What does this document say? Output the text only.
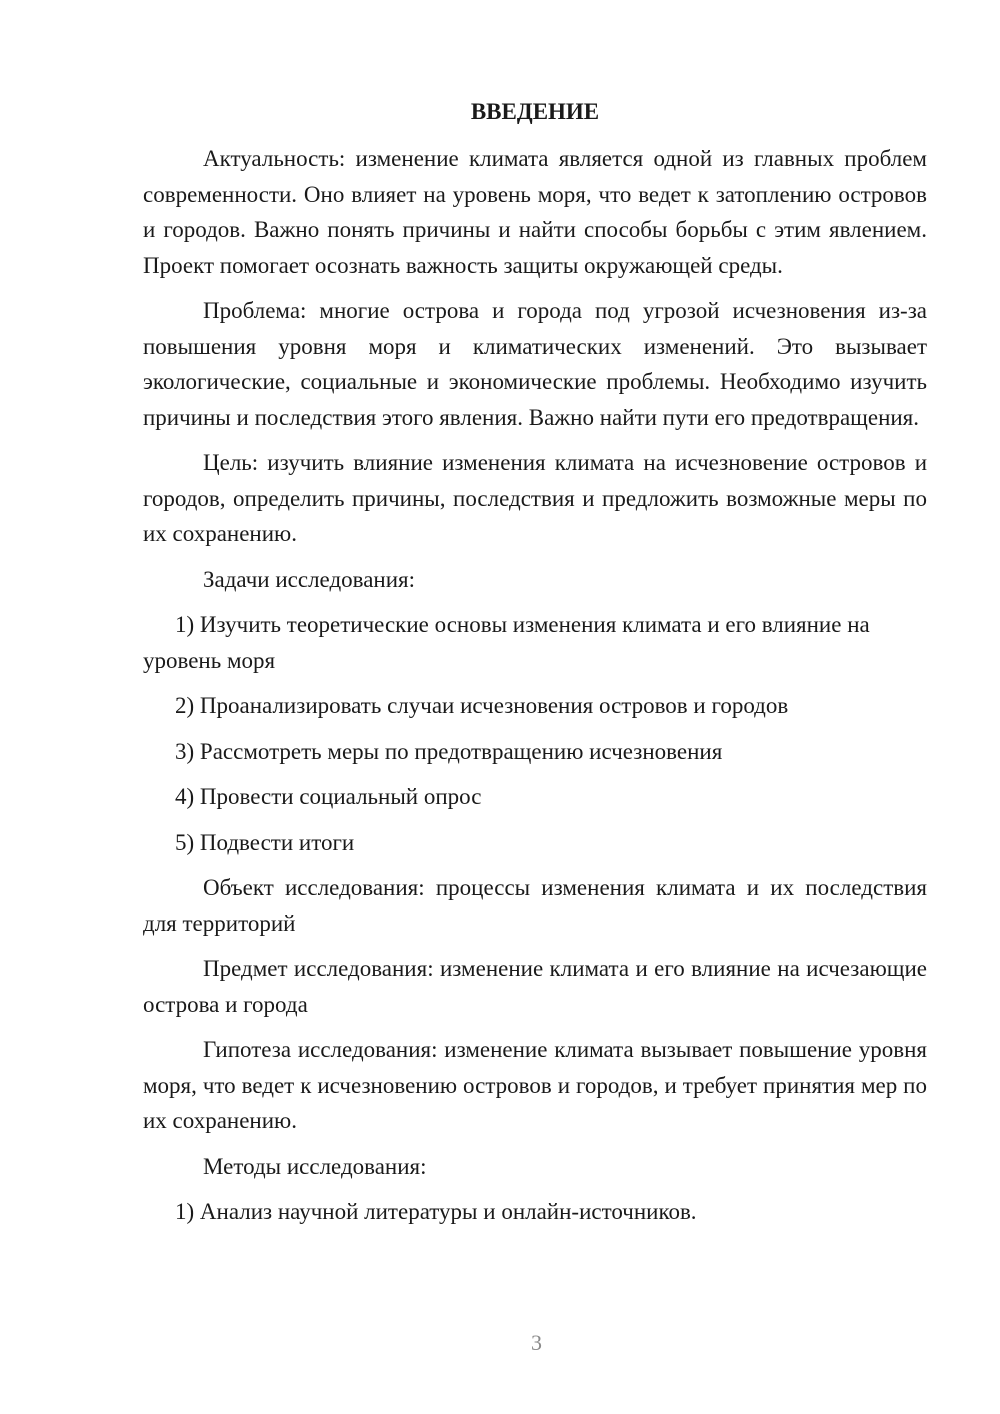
ВВЕДЕНИЕ

Актуальность: изменение климата является одной из главных проблем современности. Оно влияет на уровень моря, что ведет к затоплению островов и городов. Важно понять причины и найти способы борьбы с этим явлением. Проект помогает осознать важность защиты окружающей среды.

Проблема: многие острова и города под угрозой исчезновения из-за повышения уровня моря и климатических изменений. Это вызывает экологические, социальные и экономические проблемы. Необходимо изучить причины и последствия этого явления. Важно найти пути его предотвращения.

Цель: изучить влияние изменения климата на исчезновение островов и городов, определить причины, последствия и предложить возможные меры по их сохранению.

Задачи исследования:

1) Изучить теоретические основы изменения климата и его влияние на уровень моря

2) Проанализировать случаи исчезновения островов и городов

3) Рассмотреть меры по предотвращению исчезновения

4) Провести социальный опрос

5) Подвести итоги

Объект исследования: процессы изменения климата и их последствия для территорий

Предмет исследования: изменение климата и его влияние на исчезающие острова и города

Гипотеза исследования: изменение климата вызывает повышение уровня моря, что ведет к исчезновению островов и городов, и требует принятия мер по их сохранению.

Методы исследования:

1) Анализ научной литературы и онлайн-источников.

3
